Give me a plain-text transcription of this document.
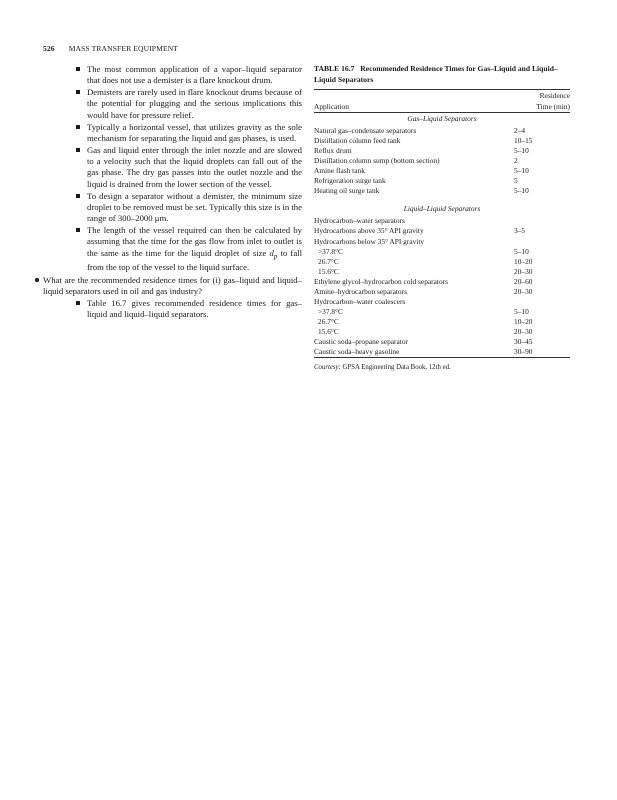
526 MASS TRANSFER EQUIPMENT
The most common application of a vapor–liquid separator that does not use a demister is a flare knockout drum.
Demisters are rarely used in flare knockout drums because of the potential for plugging and the serious implications this would have for pressure relief.
Typically a horizontal vessel, that utilizes gravity as the sole mechanism for separating the liquid and gas phases, is used.
Gas and liquid enter through the inlet nozzle and are slowed to a velocity such that the liquid droplets can fall out of the gas phase. The dry gas passes into the outlet nozzle and the liquid is drained from the lower section of the vessel.
To design a separator without a demister, the minimum size droplet to be removed must be set. Typically this size is in the range of 300–2000 μm.
The length of the vessel required can then be calculated by assuming that the time for the gas flow from inlet to outlet is the same as the time for the liquid droplet of size $d_p$ to fall from the top of the vessel to the liquid surface.
What are the recommended residence times for (i) gas–liquid and liquid–liquid separators used in oil and gas industry?
Table 16.7 gives recommended residence times for gas–liquid and liquid–liquid separators.
TABLE 16.7 Recommended Residence Times for Gas–Liquid and Liquid–Liquid Separators
	Residence
Application	Time (min)
Gas–Liquid Separators	
Natural gas–condensate separators	2–4
Distillation column feed tank	10–15
Reflux drum	5–10
Distillation column sump (bottom section)	2
Amine flash tank	5–10
Refrigeration surge tank	5
Heating oil surge tank	5–10

Liquid–Liquid Separators	
Hydrocarbon–water separators	
Hydrocarbons above 35° API gravity	3–5
Hydrocarbons below 35° API gravity	
>37.8°C	5–10
26.7°C	10–20
15.6°C	20–30
Ethylene glycol–hydrocarbon cold separators	20–60
Amine–hydrocarbon separators	20–30
Hydrocarbon–water coalescers	
>37.8°C	5–10
26.7°C	10–20
15.6°C	20–30
Caustic soda–propane separator	30–45
Caustic soda–heavy gasoline	30–90
Courtesy: GPSA Engineering Data Book, 12th ed.
